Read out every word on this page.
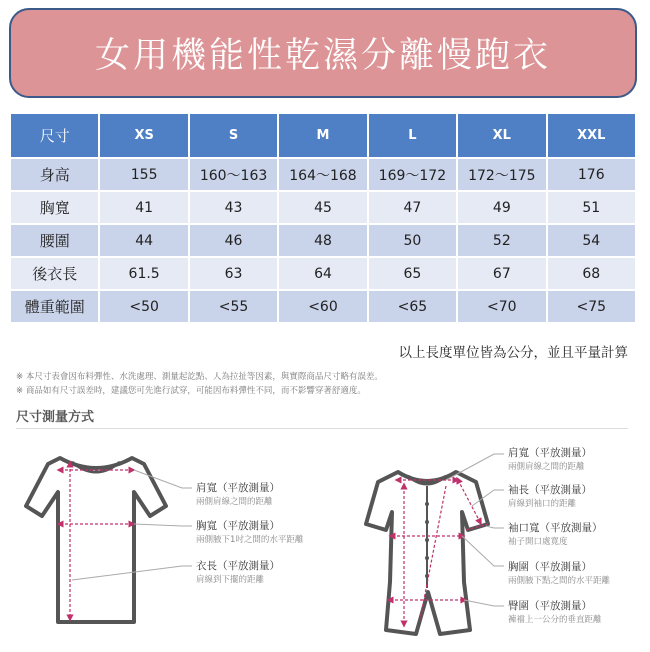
女用機能性乾濕分離慢跑衣
尺寸	XS	S	M	L	XL	XXL
身高	155	160～163	164～168	169～172	172～175	176
胸寬	41	43	45	47	49	51
腰圍	44	46	48	50	52	54
後衣長	61.5	63	64	65	67	68
體重範圍	<50	<55	<60	<65	<70	<75
以上長度單位皆為公分，並且平量計算
※ 本尺寸表會因布料彈性、水洗處理、測量起訖點、人為拉扯等因素，與實際商品尺寸略有誤差。
※ 商品如有尺寸誤差時，建議您可先進行試穿，可能因布料彈性不同，而不影響穿著舒適度。
尺寸測量方式
肩寬（平放測量）
兩側肩線之間的距離
胸寬（平放測量）
兩側腋下1吋之間的水平距離
衣長（平放測量）
肩線到下擺的距離
肩寬（平放測量）
兩側肩線之間的距離
袖長（平放測量）
肩線到袖口的距離
袖口寬（平放測量）
袖子開口處寬度
胸圍（平放測量）
兩側腋下點之間的水平距離
臀圍（平放測量）
褲襠上一公分的垂直距離
